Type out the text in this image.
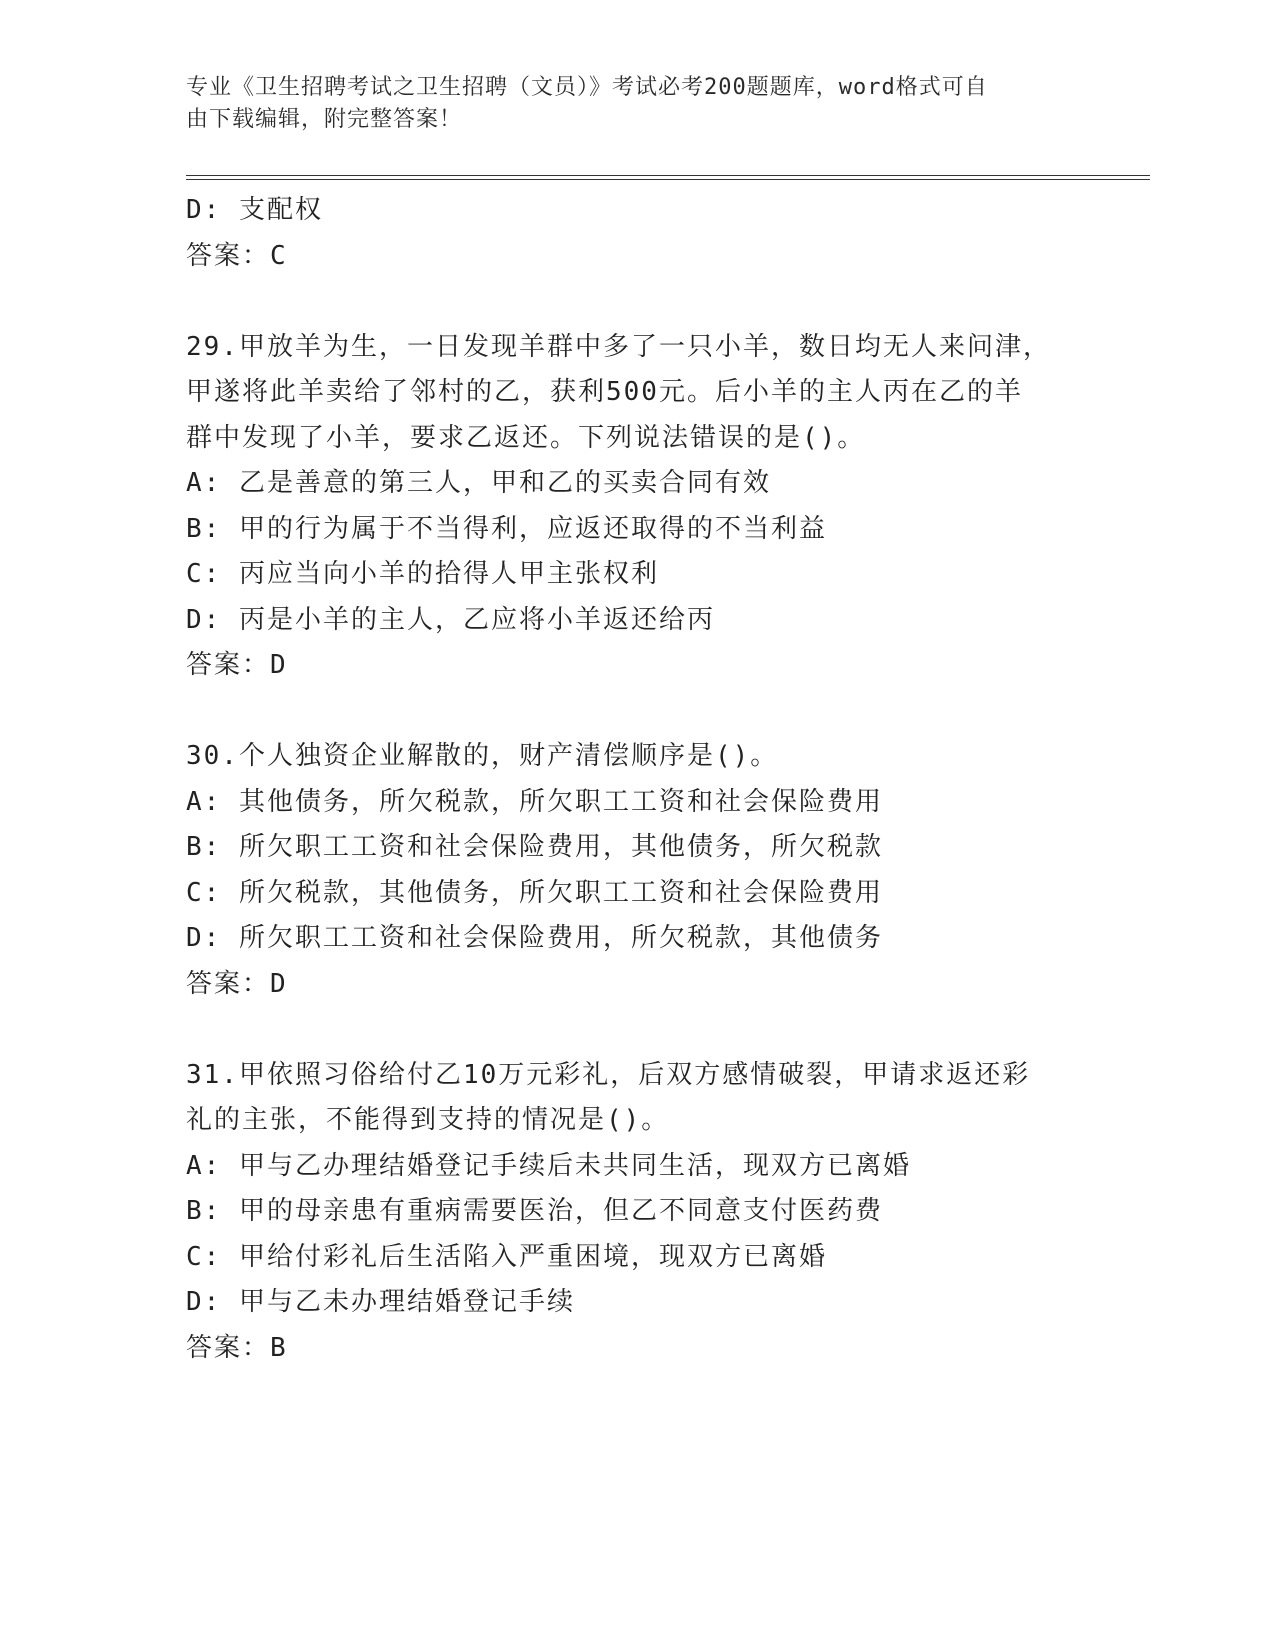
专业《卫生招聘考试之卫生招聘（文员）》考试必考200题题库，word格式可自
由下载编辑，附完整答案！
D: 支配权
答案：C
29.甲放羊为生，一日发现羊群中多了一只小羊，数日均无人来问津，
甲遂将此羊卖给了邻村的乙，获利500元。后小羊的主人丙在乙的羊
群中发现了小羊，要求乙返还。下列说法错误的是()。
A: 乙是善意的第三人，甲和乙的买卖合同有效
B: 甲的行为属于不当得利，应返还取得的不当利益
C: 丙应当向小羊的拾得人甲主张权利
D: 丙是小羊的主人，乙应将小羊返还给丙
答案：D
30.个人独资企业解散的，财产清偿顺序是()。
A: 其他债务，所欠税款，所欠职工工资和社会保险费用
B: 所欠职工工资和社会保险费用，其他债务，所欠税款
C: 所欠税款，其他债务，所欠职工工资和社会保险费用
D: 所欠职工工资和社会保险费用，所欠税款，其他债务
答案：D
31.甲依照习俗给付乙10万元彩礼，后双方感情破裂，甲请求返还彩
礼的主张，不能得到支持的情况是()。
A: 甲与乙办理结婚登记手续后未共同生活，现双方已离婚
B: 甲的母亲患有重病需要医治，但乙不同意支付医药费
C: 甲给付彩礼后生活陷入严重困境，现双方已离婚
D: 甲与乙未办理结婚登记手续
答案：B
